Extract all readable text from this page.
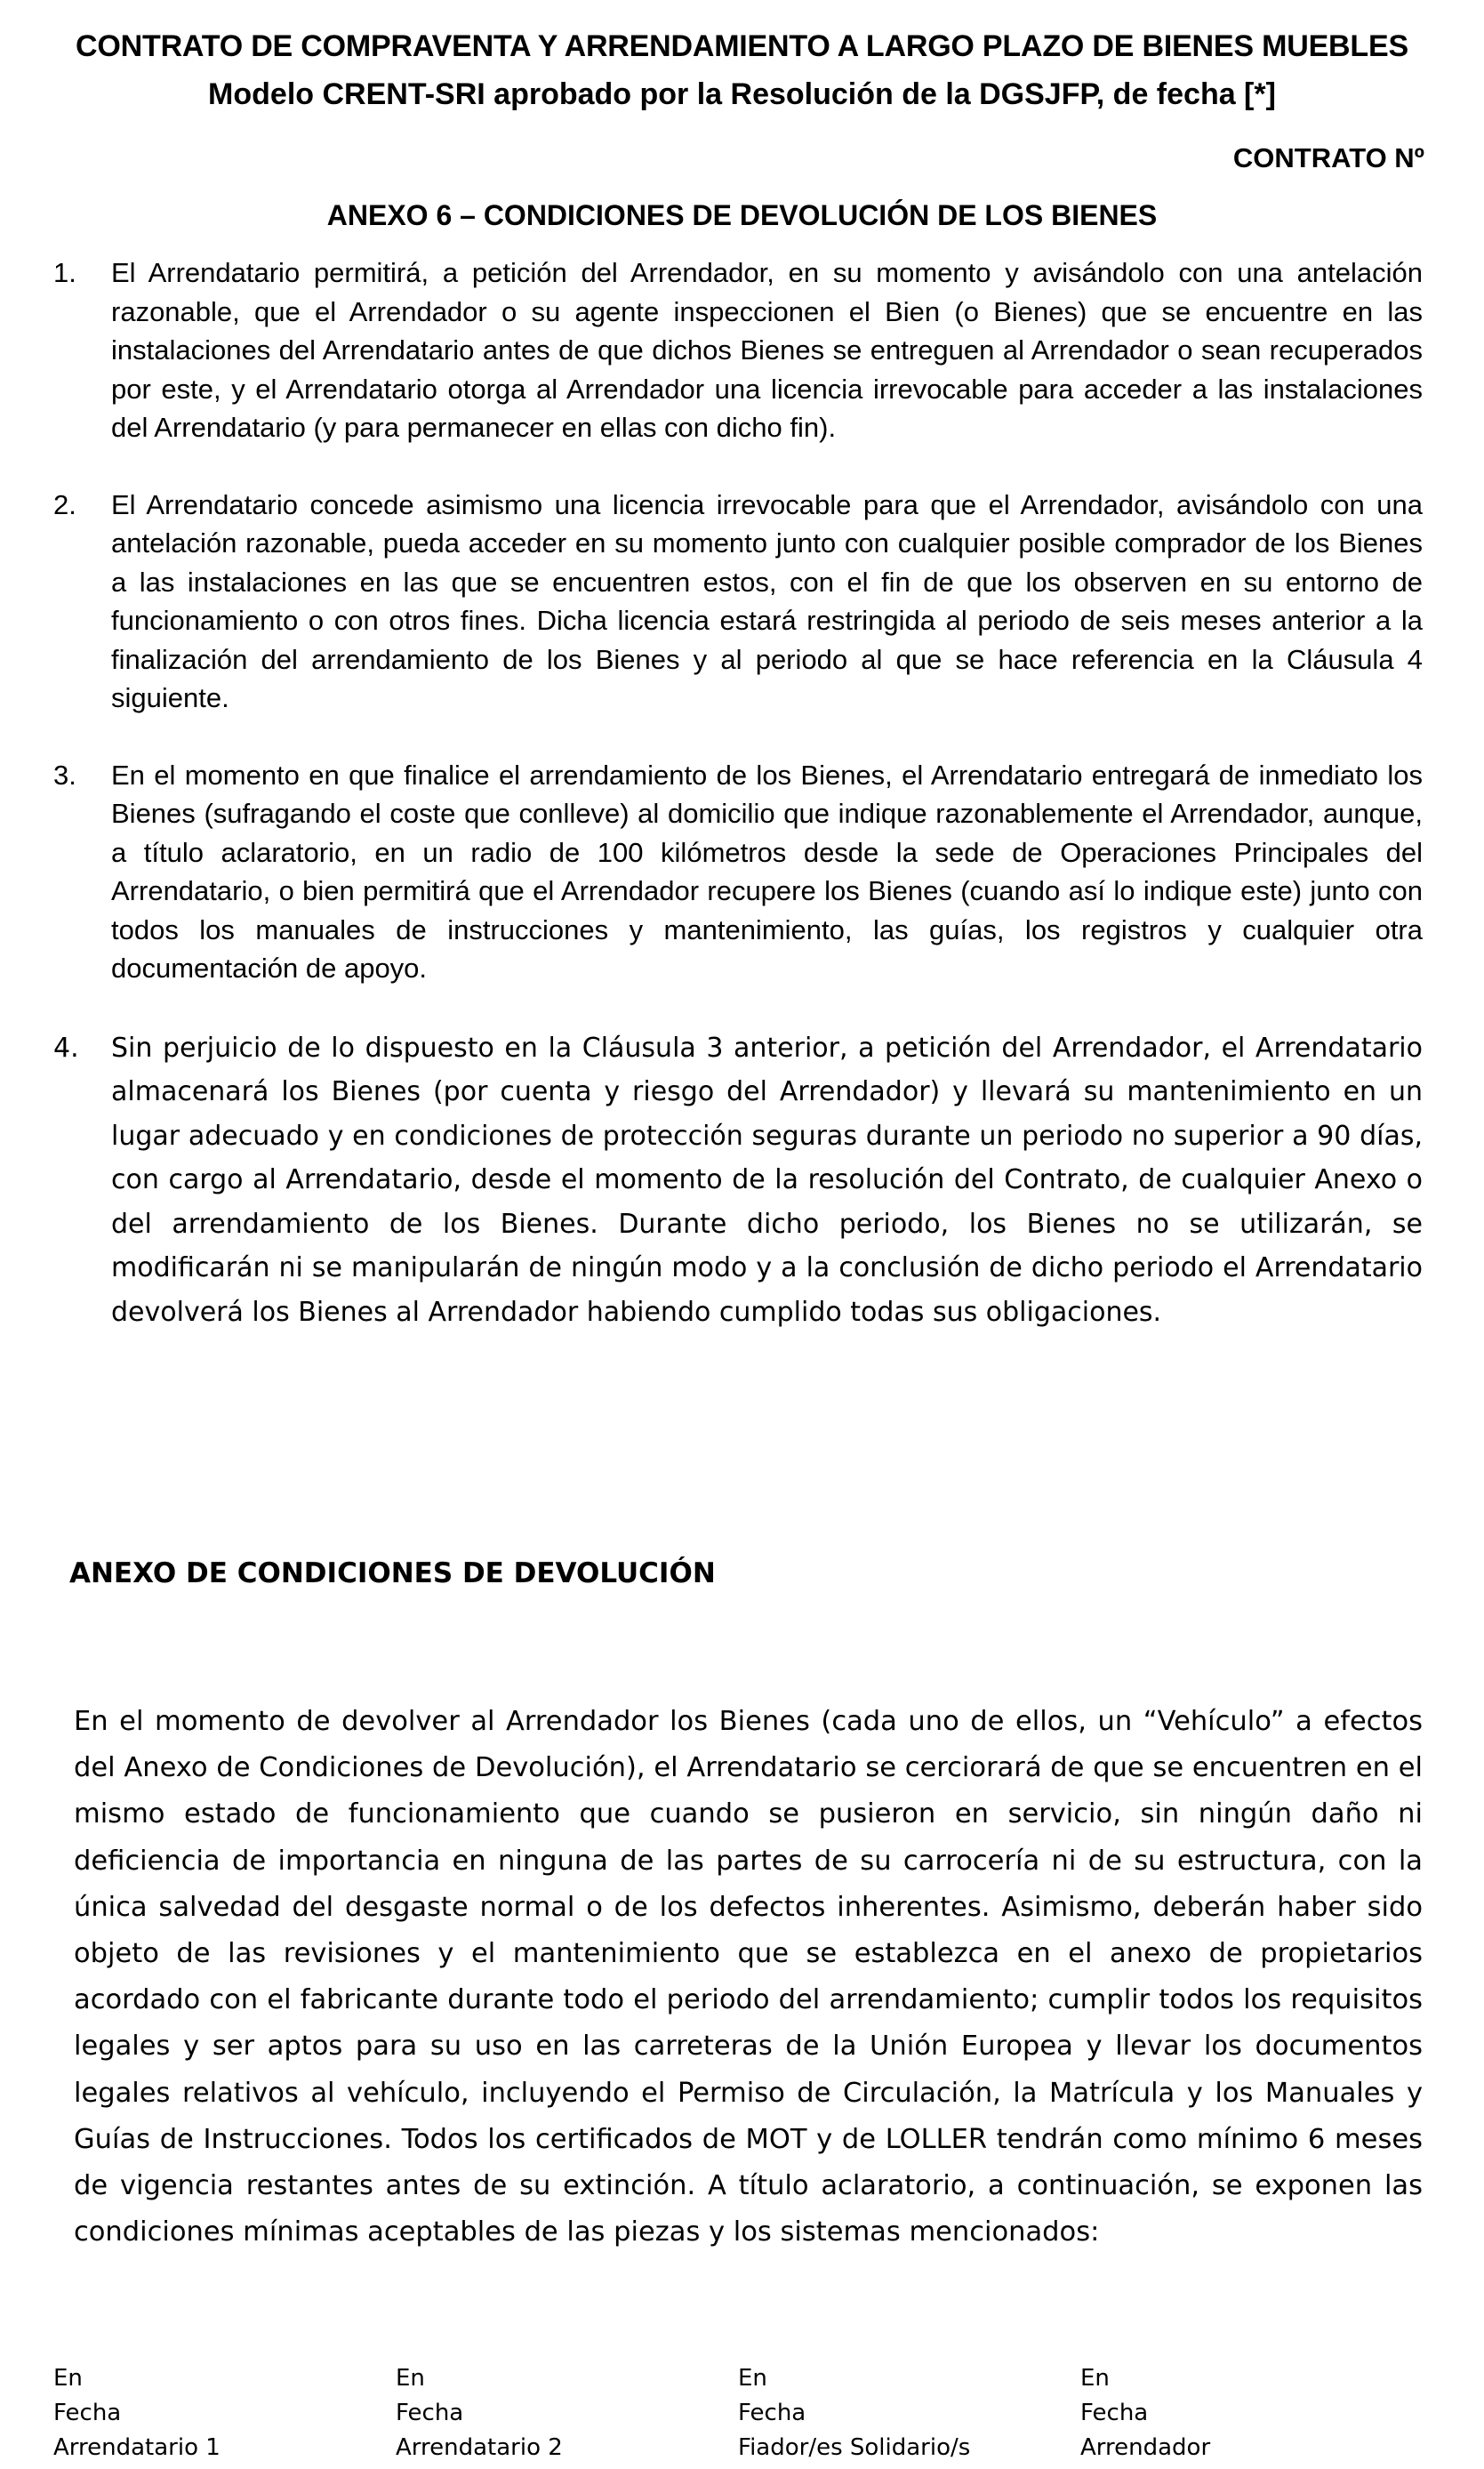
CONTRATO DE COMPRAVENTA Y ARRENDAMIENTO A LARGO PLAZO DE BIENES MUEBLES
Modelo CRENT-SRI aprobado por la Resolución de la DGSJFP, de fecha [*]
CONTRATO Nº
ANEXO 6 – CONDICIONES DE DEVOLUCIÓN DE LOS BIENES
1. El Arrendatario permitirá, a petición del Arrendador, en su momento y avisándolo con una antelación razonable, que el Arrendador o su agente inspeccionen el Bien (o Bienes) que se encuentre en las instalaciones del Arrendatario antes de que dichos Bienes se entreguen al Arrendador o sean recuperados por este, y el Arrendatario otorga al Arrendador una licencia irrevocable para acceder a las instalaciones del Arrendatario (y para permanecer en ellas con dicho fin).

2. El Arrendatario concede asimismo una licencia irrevocable para que el Arrendador, avisándolo con una antelación razonable, pueda acceder en su momento junto con cualquier posible comprador de los Bienes a las instalaciones en las que se encuentren estos, con el fin de que los observen en su entorno de funcionamiento o con otros fines. Dicha licencia estará restringida al periodo de seis meses anterior a la finalización del arrendamiento de los Bienes y al periodo al que se hace referencia en la Cláusula 4 siguiente.

3. En el momento en que finalice el arrendamiento de los Bienes, el Arrendatario entregará de inmediato los Bienes (sufragando el coste que conlleve) al domicilio que indique razonablemente el Arrendador, aunque, a título aclaratorio, en un radio de 100 kilómetros desde la sede de Operaciones Principales del Arrendatario, o bien permitirá que el Arrendador recupere los Bienes (cuando así lo indique este) junto con todos los manuales de instrucciones y mantenimiento, las guías, los registros y cualquier otra documentación de apoyo.

4. Sin perjuicio de lo dispuesto en la Cláusula 3 anterior, a petición del Arrendador, el Arrendatario almacenará los Bienes (por cuenta y riesgo del Arrendador) y llevará su mantenimiento en un lugar adecuado y en condiciones de protección seguras durante un periodo no superior a 90 días, con cargo al Arrendatario, desde el momento de la resolución del Contrato, de cualquier Anexo o del arrendamiento de los Bienes. Durante dicho periodo, los Bienes no se utilizarán, se modificarán ni se manipularán de ningún modo y a la conclusión de dicho periodo el Arrendatario devolverá los Bienes al Arrendador habiendo cumplido todas sus obligaciones.

ANEXO DE CONDICIONES DE DEVOLUCIÓN

En el momento de devolver al Arrendador los Bienes (cada uno de ellos, un “Vehículo” a efectos del Anexo de Condiciones de Devolución), el Arrendatario se cerciorará de que se encuentren en el mismo estado de funcionamiento que cuando se pusieron en servicio, sin ningún daño ni deficiencia de importancia en ninguna de las partes de su carrocería ni de su estructura, con la única salvedad del desgaste normal o de los defectos inherentes. Asimismo, deberán haber sido objeto de las revisiones y el mantenimiento que se establezca en el anexo de propietarios acordado con el fabricante durante todo el periodo del arrendamiento; cumplir todos los requisitos legales y ser aptos para su uso en las carreteras de la Unión Europea y llevar los documentos legales relativos al vehículo, incluyendo el Permiso de Circulación, la Matrícula y los Manuales y Guías de Instrucciones. Todos los certificados de MOT y de LOLLER tendrán como mínimo 6 meses de vigencia restantes antes de su extinción. A título aclaratorio, a continuación, se exponen las condiciones mínimas aceptables de las piezas y los sistemas mencionados:

En
Fecha
Arrendatario 1
En
Fecha
Arrendatario 2
En
Fecha
Fiador/es Solidario/s
En
Fecha
Arrendador
